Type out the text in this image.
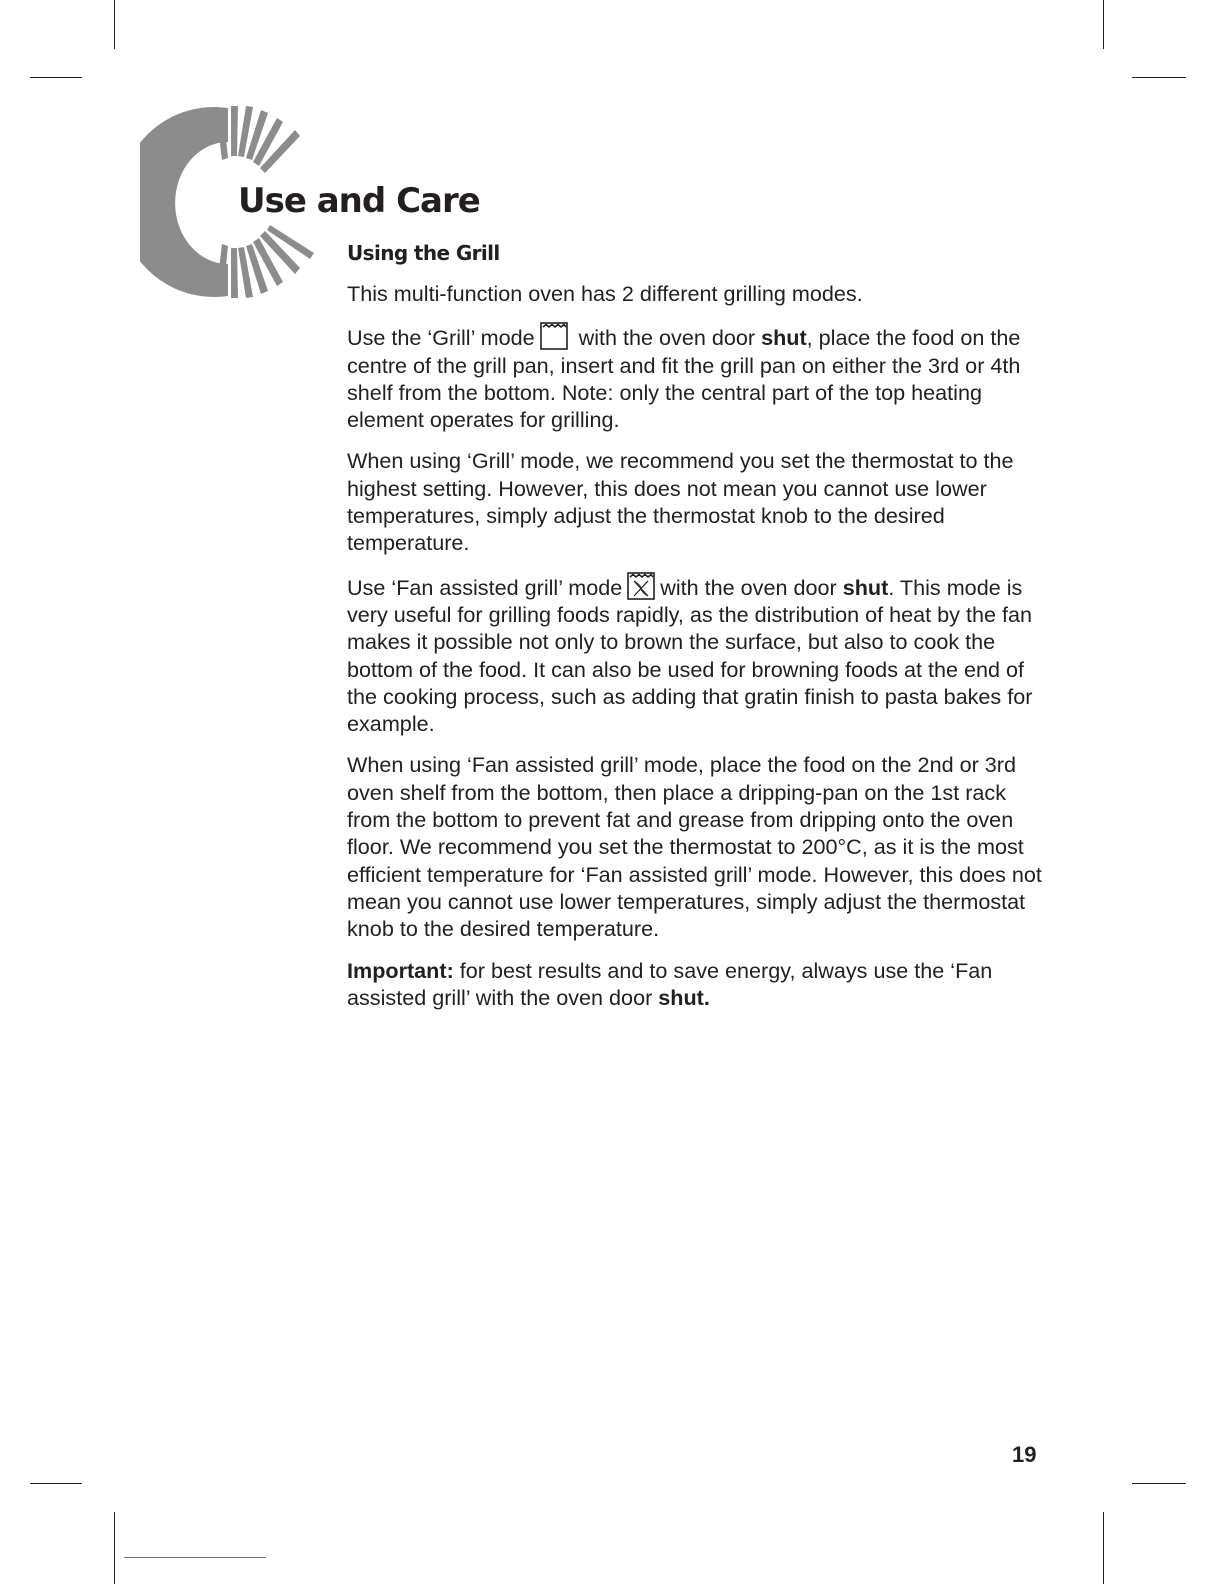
Use and Care
Using the Grill

This multi-function oven has 2 different grilling modes.

Use the ‘Grill’ mode with the oven door shut, place the food on the centre of the grill pan, insert and fit the grill pan on either the 3rd or 4th shelf from the bottom. Note: only the central part of the top heating element operates for grilling.

When using ‘Grill’ mode, we recommend you set the thermostat to the highest setting. However, this does not mean you cannot use lower temperatures, simply adjust the thermostat knob to the desired temperature.

Use ‘Fan assisted grill’ mode with the oven door shut. This mode is very useful for grilling foods rapidly, as the distribution of heat by the fan makes it possible not only to brown the surface, but also to cook the bottom of the food. It can also be used for browning foods at the end of the cooking process, such as adding that gratin finish to pasta bakes for example.

When using ‘Fan assisted grill’ mode, place the food on the 2nd or 3rd oven shelf from the bottom, then place a dripping-pan on the 1st rack from the bottom to prevent fat and grease from dripping onto the oven floor. We recommend you set the thermostat to 200°C, as it is the most efficient temperature for ‘Fan assisted grill’ mode. However, this does not mean you cannot use lower temperatures, simply adjust the thermostat knob to the desired temperature.

Important: for best results and to save energy, always use the ‘Fan assisted grill’ with the oven door shut.

19
